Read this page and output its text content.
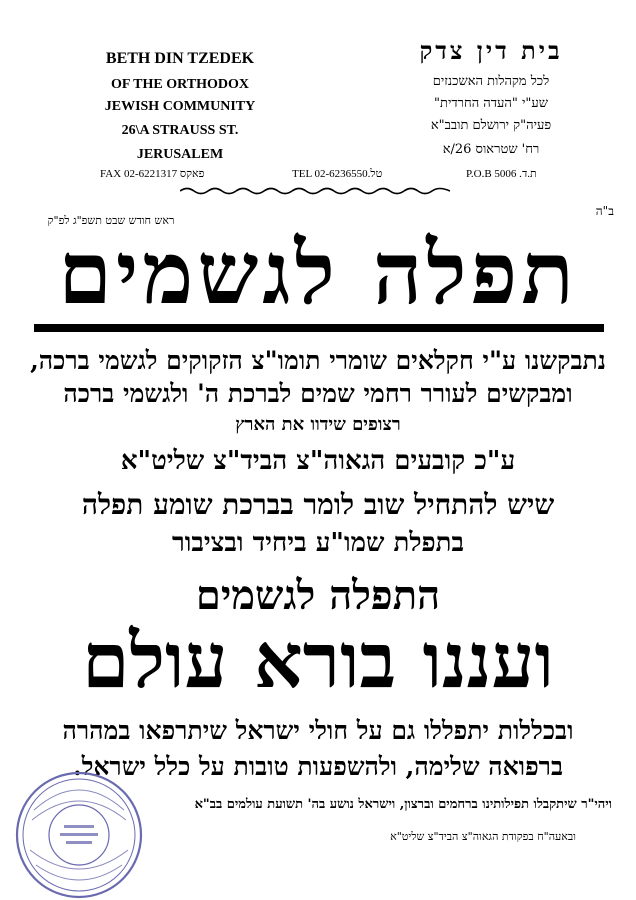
BETH DIN TZEDEK
OF THE ORTHODOX
JEWISH COMMUNITY
26\A STRAUSS ST.
JERUSALEM
בית דין צדק
לכל מקהלות האשכנזים
שע"י "העדה החרדית"
פעיה"ק ירושלם תובב"א
רח' שטראוס 26/א
FAX 02-6221317 פאקס	TEL 02-6236550.טל	P.O.B 5006 .ת.ד
ב"ה
ראש חודש שבט תשפ"ג לפ"ק
תפלה לגשמים
נתבקשנו ע"י חקלאים שומרי תומו"צ הזקוקים לגשמי ברכה,
ומבקשים לעורר רחמי שמים לברכת ה' ולגשמי ברכה
רצופים שידוו את הארץ
ע"כ קובעים הגאוה"צ הביד"צ שליט"א
שיש להתחיל שוב לומר בברכת שומע תפלה
בתפלת שמו"ע ביחיד ובציבור
התפלה לגשמים
ועננו בורא עולם
ובכללות יתפללו גם על חולי ישראל שיתרפאו במהרה
ברפואה שלימה, ולהשפעות טובות על כלל ישראל.
ויהי"ר שיתקבלו תפילותינו ברחמים וברצון, וישראל נושע בה' תשועת עולמים בב"א
ובאעה"ח בפקודת הגאוה"צ הביד"צ שליט"א
